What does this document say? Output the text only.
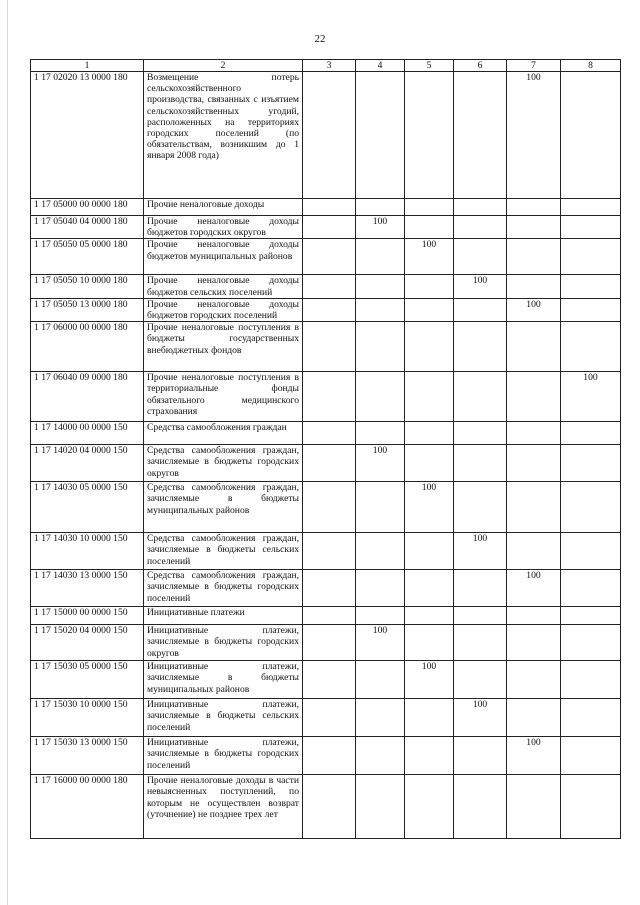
22
1	2	3	4	5	6	7	8
1 17 02020 13 0000 180	Возмещение потерь сельскохозяйственного производства, связанных с изъятием сельскохозяйственных угодий, расположенных на территориях городских поселений (по обязательствам, возникшим до 1 января 2008 года)					100	
1 17 05000 00 0000 180	Прочие неналоговые доходы						
1 17 05040 04 0000 180	Прочие неналоговые доходы бюджетов городских округов		100				
1 17 05050 05 0000 180	Прочие неналоговые доходы бюджетов муниципальных районов			100			
1 17 05050 10 0000 180	Прочие неналоговые доходы бюджетов сельских поселений				100		
1 17 05050 13 0000 180	Прочие неналоговые доходы бюджетов городских поселений					100	
1 17 06000 00 0000 180	Прочие неналоговые поступления в бюджеты государственных внебюджетных фондов						
1 17 06040 09 0000 180	Прочие неналоговые поступления в территориальные фонды обязательного медицинского страхования						100
1 17 14000 00 0000 150	Средства самообложения граждан						
1 17 14020 04 0000 150	Средства самообложения граждан, зачисляемые в бюджеты городских округов		100				
1 17 14030 05 0000 150	Средства самообложения граждан, зачисляемые в бюджеты муниципальных районов			100			
1 17 14030 10 0000 150	Средства самообложения граждан, зачисляемые в бюджеты сельских поселений				100		
1 17 14030 13 0000 150	Средства самообложения граждан, зачисляемые в бюджеты городских поселений					100	
1 17 15000 00 0000 150	Инициативные платежи						
1 17 15020 04 0000 150	Инициативные платежи, зачисляемые в бюджеты городских округов		100				
1 17 15030 05 0000 150	Инициативные платежи, зачисляемые в бюджеты муниципальных районов			100			
1 17 15030 10 0000 150	Инициативные платежи, зачисляемые в бюджеты сельских поселений				100		
1 17 15030 13 0000 150	Инициативные платежи, зачисляемые в бюджеты городских поселений					100	
1 17 16000 00 0000 180	Прочие неналоговые доходы в части невыясненных поступлений, по которым не осуществлен возврат (уточнение) не позднее трех лет						
